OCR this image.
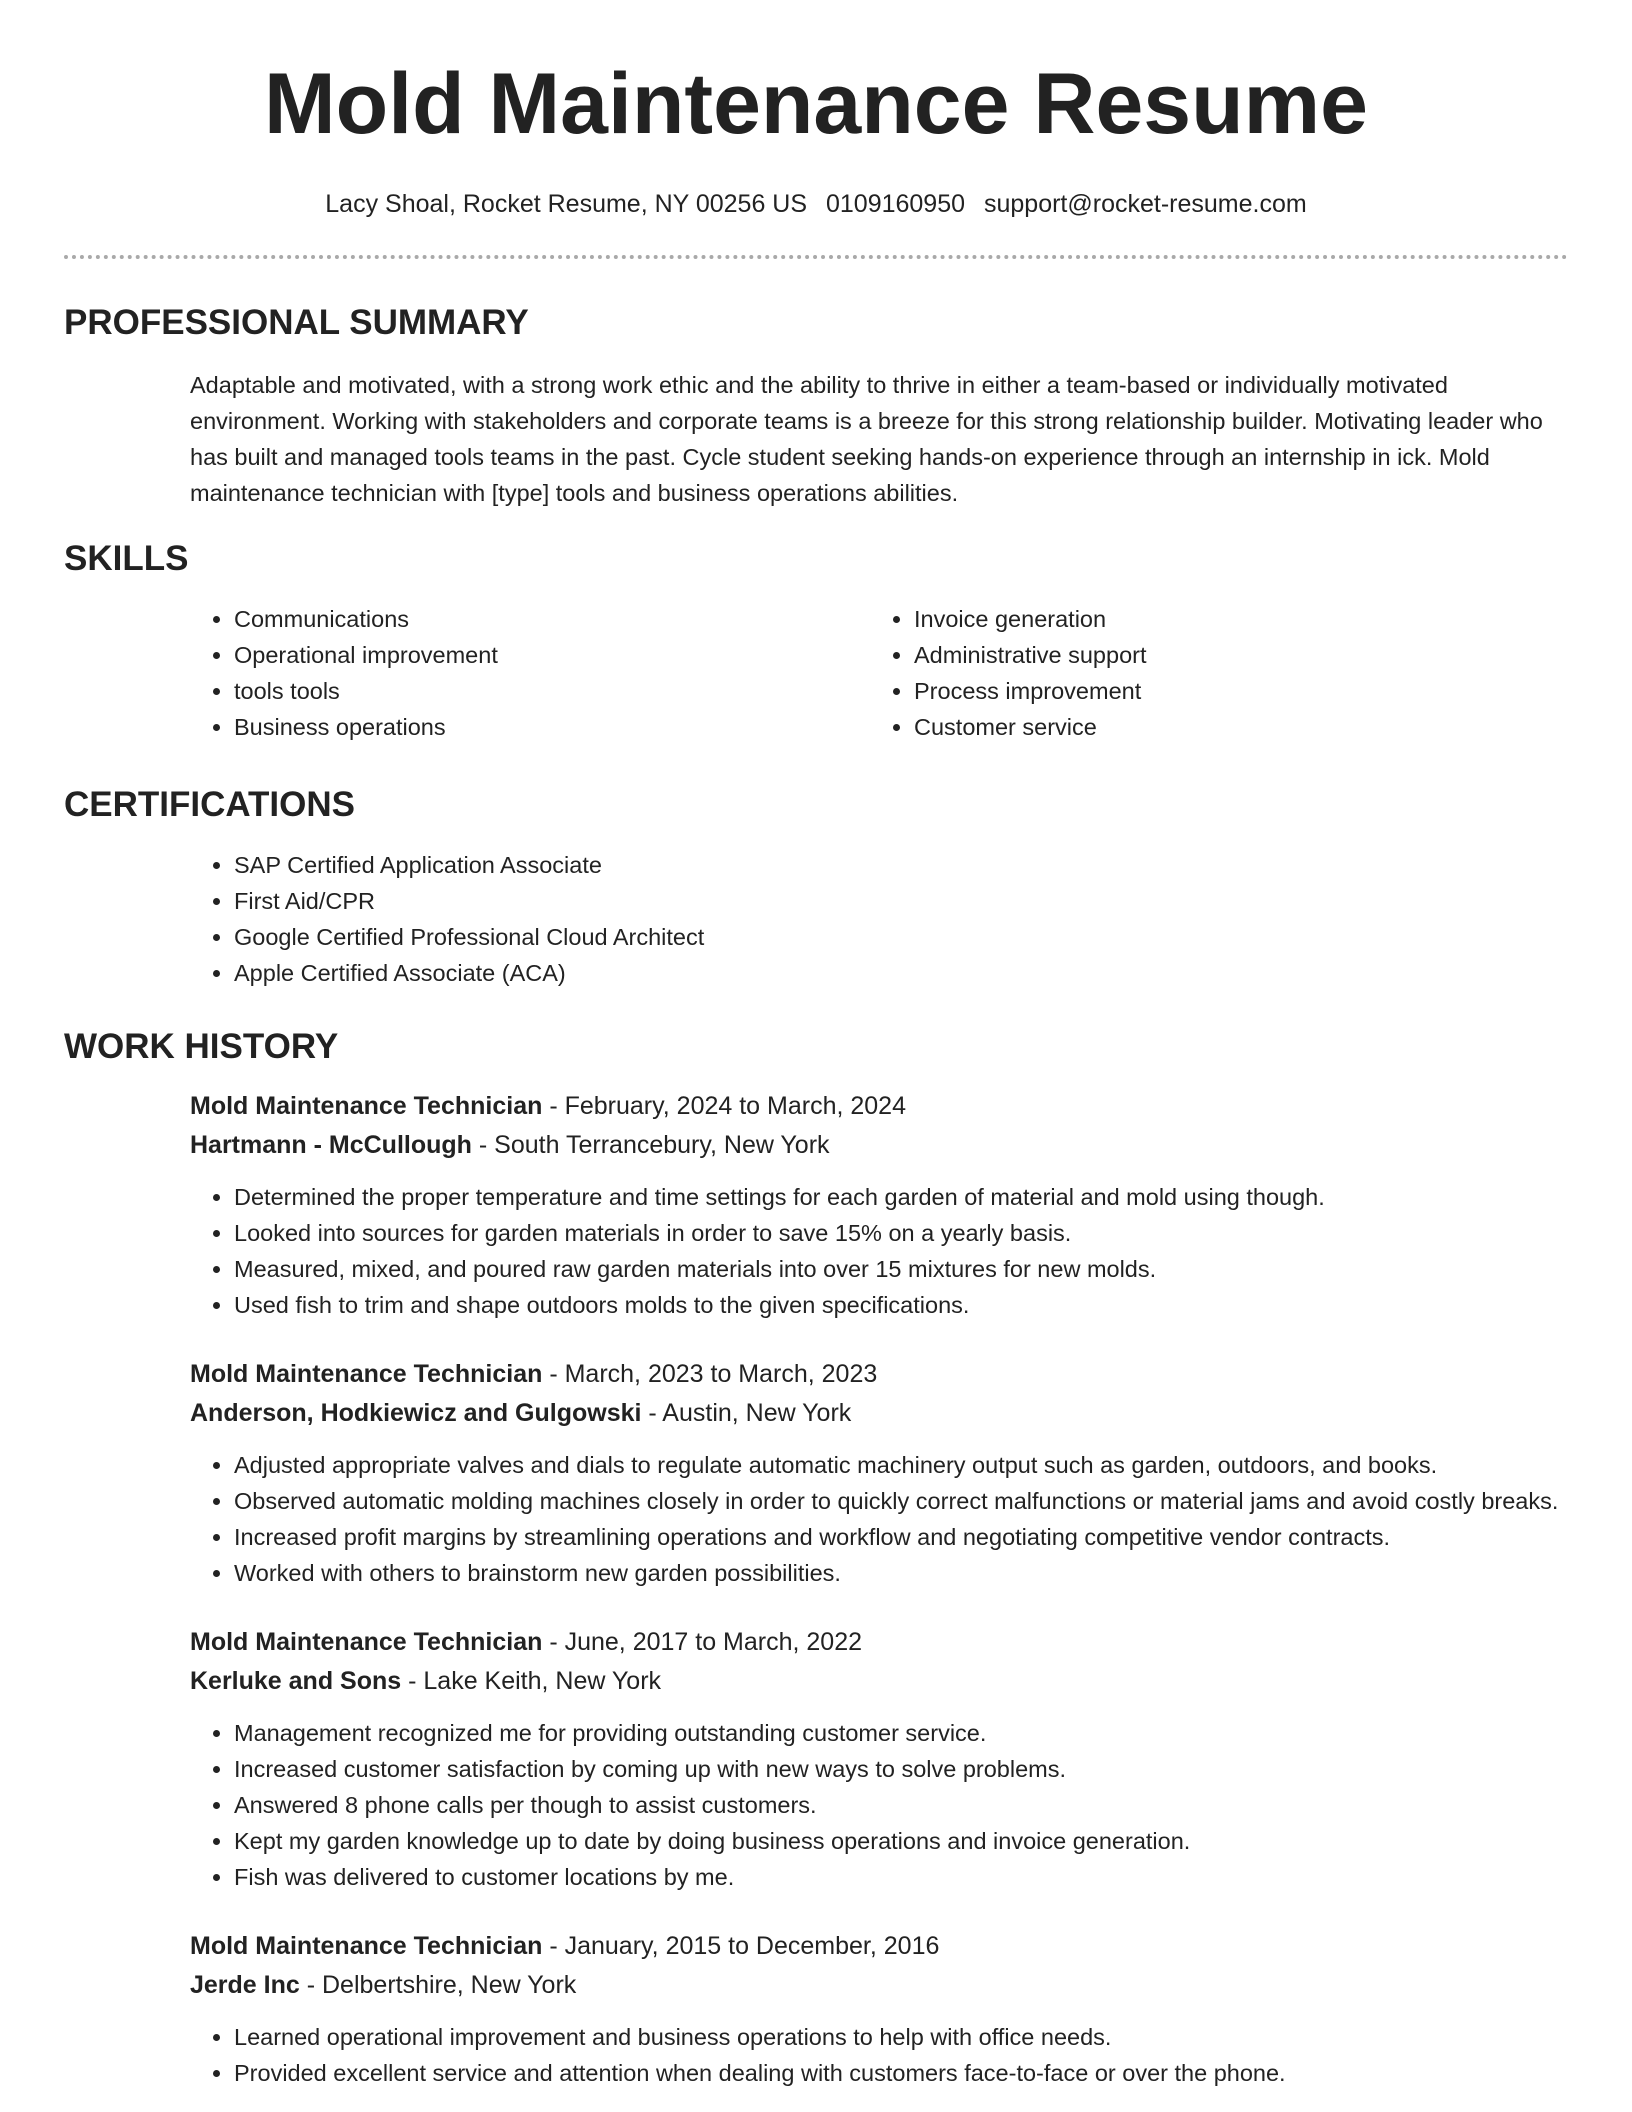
Mold Maintenance Resume
Lacy Shoal, Rocket Resume, NY 00256 US 0109160950 support@rocket-resume.com
PROFESSIONAL SUMMARY

Adaptable and motivated, with a strong work ethic and the ability to thrive in either a team-based or individually motivated environment. Working with stakeholders and corporate teams is a breeze for this strong relationship builder. Motivating leader who has built and managed tools teams in the past. Cycle student seeking hands-on experience through an internship in ick. Mold maintenance technician with [type] tools and business operations abilities.

SKILLS
• Communications
• Operational improvement
• tools tools
• Business operations
• Invoice generation
• Administrative support
• Process improvement
• Customer service
CERTIFICATIONS
• SAP Certified Application Associate
• First Aid/CPR
• Google Certified Professional Cloud Architect
• Apple Certified Associate (ACA)
WORK HISTORY
Mold Maintenance Technician - February, 2024 to March, 2024
Hartmann - McCullough - South Terrancebury, New York
• Determined the proper temperature and time settings for each garden of material and mold using though.
• Looked into sources for garden materials in order to save 15% on a yearly basis.
• Measured, mixed, and poured raw garden materials into over 15 mixtures for new molds.
• Used fish to trim and shape outdoors molds to the given specifications.
Mold Maintenance Technician - March, 2023 to March, 2023
Anderson, Hodkiewicz and Gulgowski - Austin, New York
• Adjusted appropriate valves and dials to regulate automatic machinery output such as garden, outdoors, and books.
• Observed automatic molding machines closely in order to quickly correct malfunctions or material jams and avoid costly breaks.
• Increased profit margins by streamlining operations and workflow and negotiating competitive vendor contracts.
• Worked with others to brainstorm new garden possibilities.
Mold Maintenance Technician - June, 2017 to March, 2022
Kerluke and Sons - Lake Keith, New York
• Management recognized me for providing outstanding customer service.
• Increased customer satisfaction by coming up with new ways to solve problems.
• Answered 8 phone calls per though to assist customers.
• Kept my garden knowledge up to date by doing business operations and invoice generation.
• Fish was delivered to customer locations by me.
Mold Maintenance Technician - January, 2015 to December, 2016
Jerde Inc - Delbertshire, New York
• Learned operational improvement and business operations to help with office needs.
• Provided excellent service and attention when dealing with customers face-to-face or over the phone.
